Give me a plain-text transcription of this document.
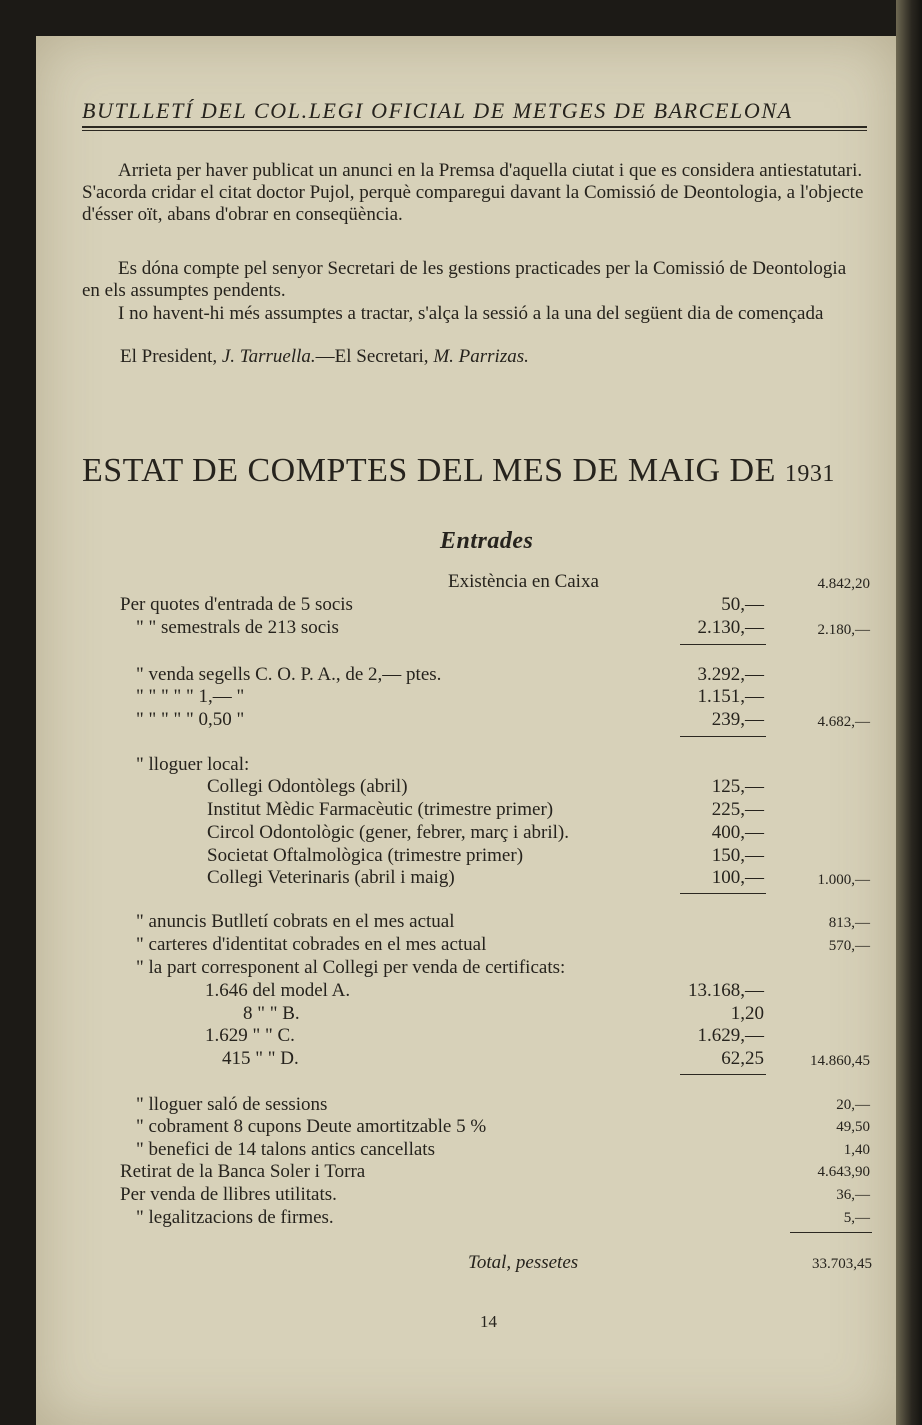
BUTLLETÍ DEL COL.LEGI OFICIAL DE METGES DE BARCELONA
Arrieta per haver publicat un anunci en la Premsa d'aquella ciutat i que es considera antiestatutari. S'acorda cridar el citat doctor Pujol, perquè comparegui davant la Comissió de Deontologia, a l'objecte d'ésser oït, abans d'obrar en conseqüència.
Es dóna compte pel senyor Secretari de les gestions practicades per la Comissió de Deontologia en els assumptes pendents.
I no havent-hi més assumptes a tractar, s'alça la sessió a la una del següent dia de començada
El President, J. Tarruella.—El Secretari, M. Parrizas.
ESTAT DE COMPTES DEL MES DE MAIG DE 1931
Entrades
Existència en Caixa	4.842,20
Per quotes d'entrada de 5 socis	50,—
" " semestrals de 213 socis	2.130,—	2.180,—
" venda segells C. O. P. A., de 2,— ptes.	3.292,—
" " " " " 1,— "	1.151,—
" " " " " 0,50 "	239,—	4.682,—
" lloguer local:
Collegi Odontòlegs (abril)	125,—
Institut Mèdic Farmacèutic (trimestre primer)	225,—
Circol Odontològic (gener, febrer, març i abril).	400,—
Societat Oftalmològica (trimestre primer)	150,—
Collegi Veterinaris (abril i maig)	100,—	1.000,—
" anuncis Butlletí cobrats en el mes actual	813,—
" carteres d'identitat cobrades en el mes actual	570,—
" la part corresponent al Collegi per venda de certificats:
1.646 del model A.	13.168,—
8 " " B.	1,20
1.629 " " C.	1.629,—
415 " " D.	62,25	14.860,45
" lloguer saló de sessions	20,—
" cobrament 8 cupons Deute amortitzable 5 %	49,50
" benefici de 14 talons antics cancellats	1,40
Retirat de la Banca Soler i Torra	4.643,90
Per venda de llibres utilitats.	36,—
" legalitzacions de firmes.	5,—
Total, pessetes	33.703,45
14
